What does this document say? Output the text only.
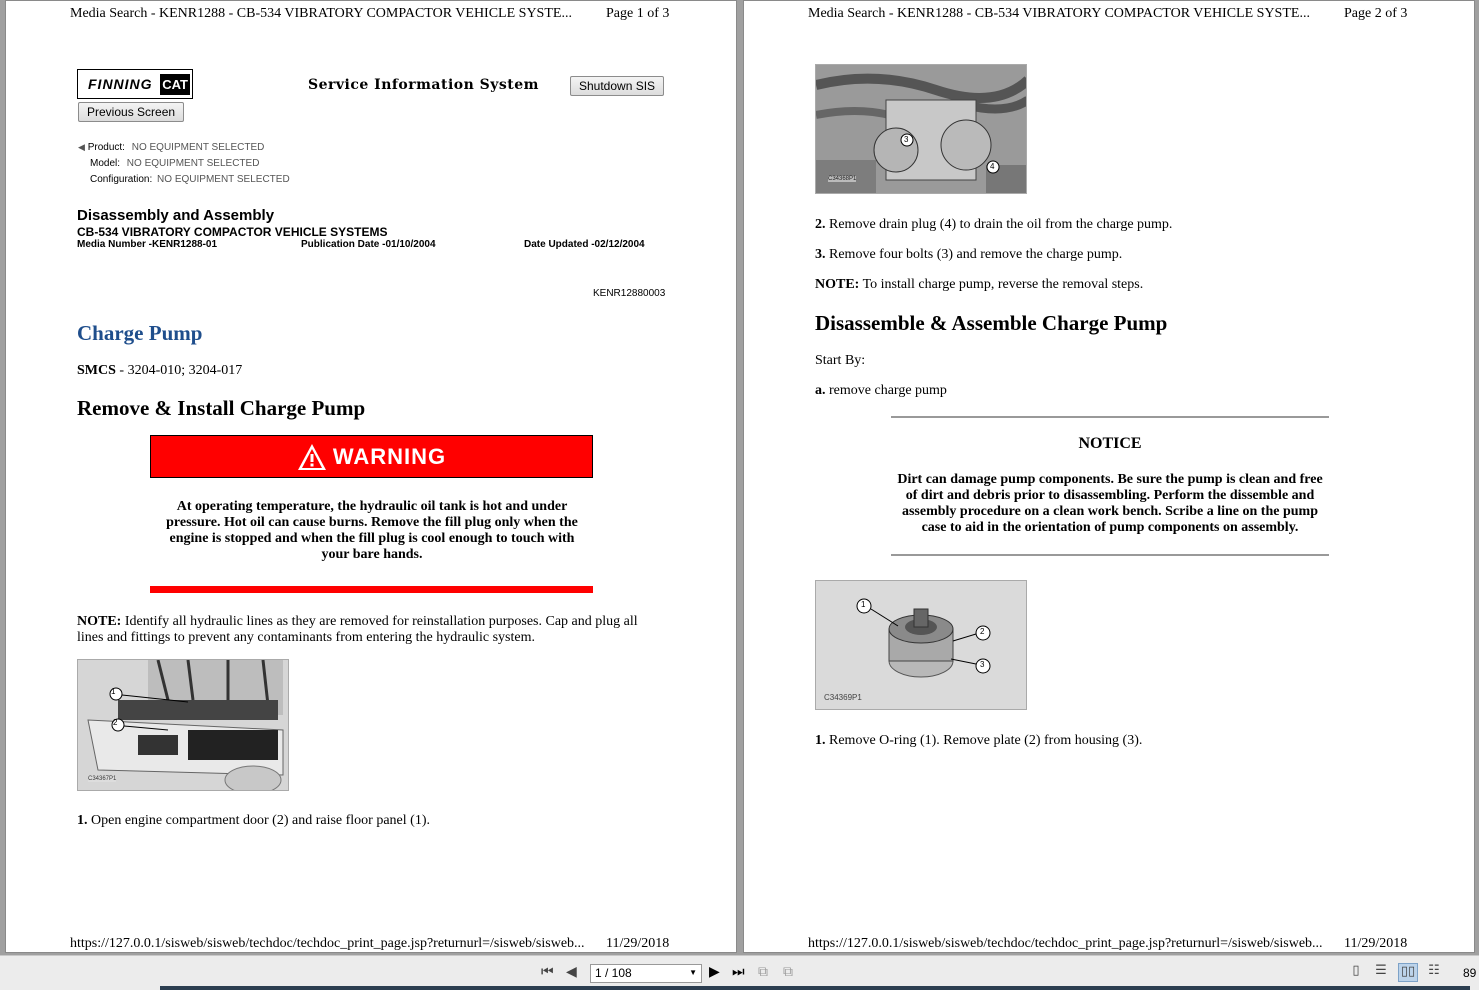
Media Search - KENR1288 - CB-534 VIBRATORY COMPACTOR VEHICLE SYSTE... Page 1 of 3
FINNING CAT	Service Information System	Shutdown SIS
Previous Screen
◀ Product: NO EQUIPMENT SELECTED
Model: NO EQUIPMENT SELECTED
Configuration: NO EQUIPMENT SELECTED
Disassembly and Assembly
CB-534 VIBRATORY COMPACTOR VEHICLE SYSTEMS
Media Number -KENR1288-01	Publication Date -01/10/2004	Date Updated -02/12/2004
KENR12880003
Charge Pump
SMCS - 3204-010; 3204-017
Remove & Install Charge Pump
WARNING
At operating temperature, the hydraulic oil tank is hot and under pressure. Hot oil can cause burns. Remove the fill plug only when the engine is stopped and when the fill plug is cool enough to touch with your bare hands.
NOTE: Identify all hydraulic lines as they are removed for reinstallation purposes. Cap and plug all lines and fittings to prevent any contaminants from entering the hydraulic system.
1
2
C34367P1
1. Open engine compartment door (2) and raise floor panel (1).
https://127.0.0.1/sisweb/sisweb/techdoc/techdoc_print_page.jsp?returnurl=/sisweb/sisweb... 11/29/2018
Media Search - KENR1288 - CB-534 VIBRATORY COMPACTOR VEHICLE SYSTE... Page 2 of 3
3
4
C34368P1
2. Remove drain plug (4) to drain the oil from the charge pump.
3. Remove four bolts (3) and remove the charge pump.
NOTE: To install charge pump, reverse the removal steps.
Disassemble & Assemble Charge Pump
Start By:
a. remove charge pump
NOTICE
Dirt can damage pump components. Be sure the pump is clean and free of dirt and debris prior to disassembling. Perform the dissemble and assembly procedure on a clean work bench. Scribe a line on the pump case to aid in the orientation of pump components on assembly.
1
2
3
C34369P1
1. Remove O-ring (1). Remove plate (2) from housing (3).
https://127.0.0.1/sisweb/sisweb/techdoc/techdoc_print_page.jsp?returnurl=/sisweb/sisweb... 11/29/2018
⏮ ◀	1 / 108	▼ ▶ ⏭ ⧉ ⧉	▯	☰	▯▯	☷	89
